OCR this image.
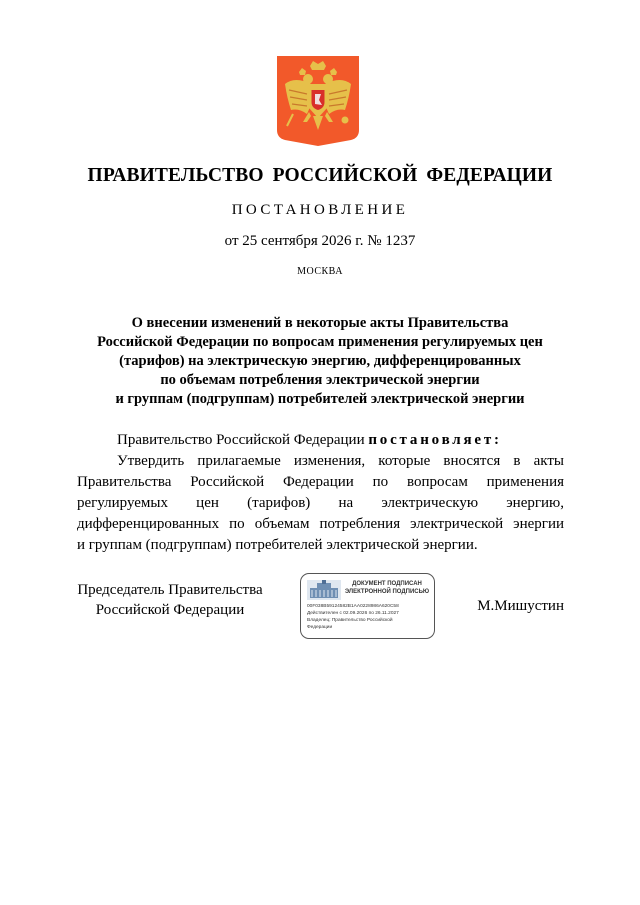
ПРАВИТЕЛЬСТВО РОССИЙСКОЙ ФЕДЕРАЦИИ
ПОСТАНОВЛЕНИЕ
от 25 сентября 2026 г. № 1237
МОСКВА
О внесении изменений в некоторые акты Правительства
Российской Федерации по вопросам применения регулируемых цен
(тарифов) на электрическую энергию, дифференцированных
по объемам потребления электрической энергии
и группам (подгруппам) потребителей электрической энергии

Правительство Российской Федерации постановляет:

Утвердить прилагаемые изменения, которые вносятся в акты
Правительства Российской Федерации по вопросам применения
регулируемых цен (тарифов) на электрическую энергию,
дифференцированных по объемам потребления электрической энергии
и группам (подгруппам) потребителей электрической энергии.

Председатель Правительства
Российской Федерации
ДОКУМЕНТ ПОДПИСАН
ЭЛЕКТРОННОЙ ПОДПИСЬЮ
00F038B59124582B1AA0228986A620C58
Действителен с 02.09.2026 по 26.11.2027
Владелец: Правительство Российской
Федерации
М.Мишустин
